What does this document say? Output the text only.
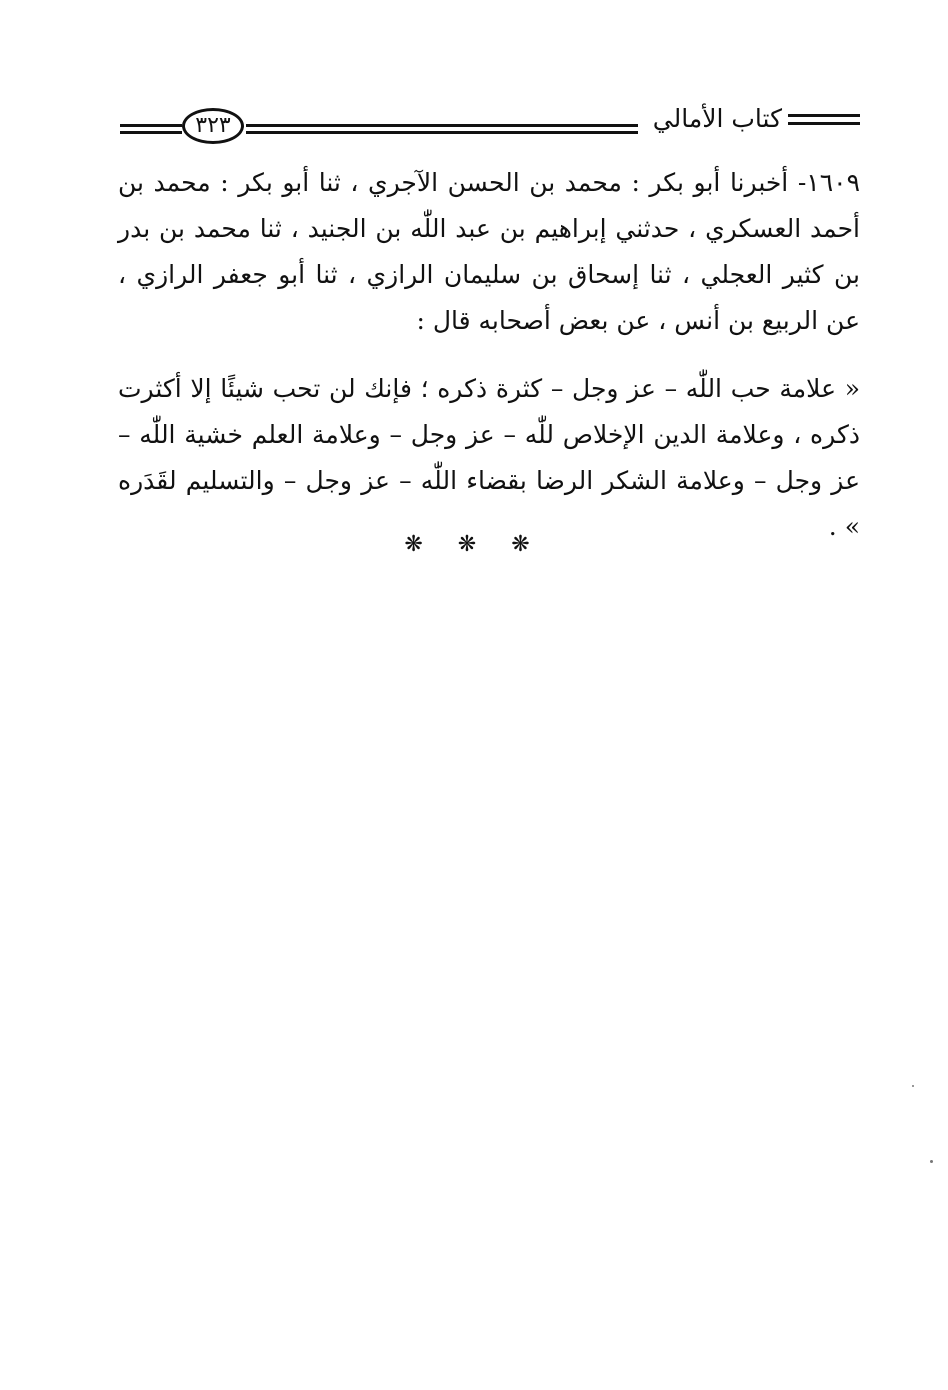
كتاب الأمالي
٣٢٣

١٦٠٩- أخبرنا أبو بكر : محمد بن الحسن الآجري ، ثنا أبو بكر : محمد بن أحمد العسكري ، حدثني إبراهيم بن عبد اللّٰه بن الجنيد ، ثنا محمد بن بدر بن كثير العجلي ، ثنا إسحاق بن سليمان الرازي ، ثنا أبو جعفر الرازي ، عن الربيع بن أنس ، عن بعض أصحابه قال :

« علامة حب اللّٰه – عز وجل – كثرة ذكره ؛ فإنك لن تحب شيئًا إلا أكثرت ذكره ، وعلامة الدين الإخلاص للّٰه – عز وجل – وعلامة العلم خشية اللّٰه – عز وجل – وعلامة الشكر الرضا بقضاء اللّٰه – عز وجل – والتسليم لقَدَره » .

❋ ❋ ❋
